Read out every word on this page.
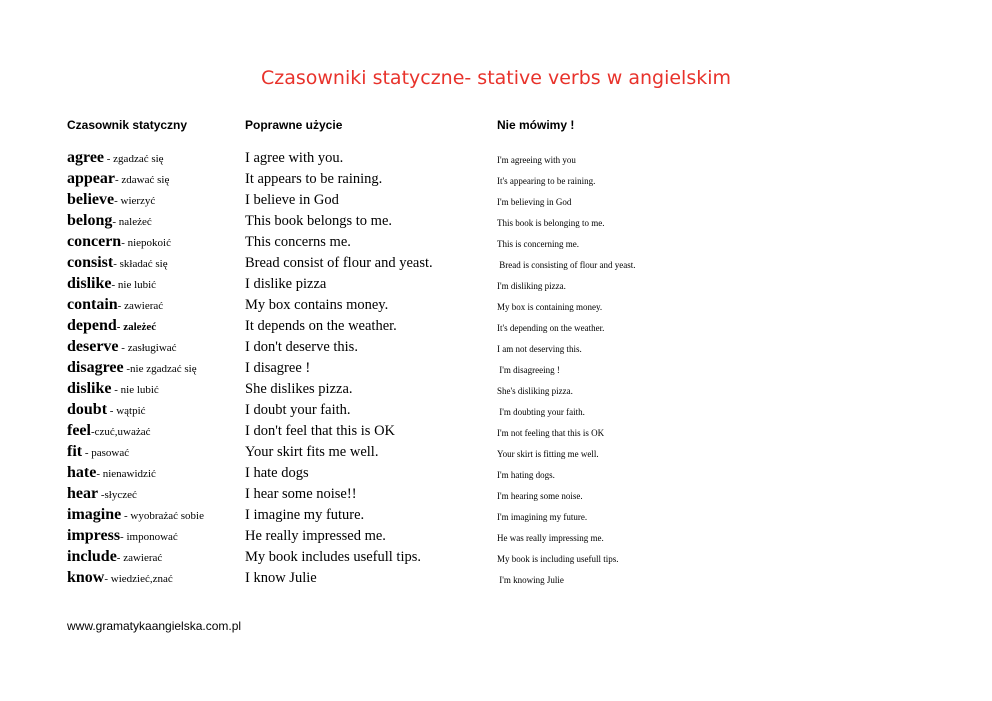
Czasowniki statyczne- stative verbs w angielskim
Czasownik statyczny	Poprawne użycie	Nie mówimy !
agree - zgadzać się	I agree with you.	I'm agreeing with you
appear- zdawać się	It appears to be raining.	It's appearing to be raining.
believe- wierzyć	I believe in God	I'm believing in God
belong- należeć	This book belongs to me.	This book is belonging to me.
concern- niepokoić	This concerns me.	This is concerning me.
consist- składać się	Bread consist of flour and yeast.	Bread is consisting of flour and yeast.
dislike- nie lubić	I dislike pizza	I'm disliking pizza.
contain- zawierać	My box contains money.	My box is containing money.
depend- zależeć	It depends on the weather.	It's depending on the weather.
deserve - zasługiwać	I don't deserve this.	I am not deserving this.
disagree -nie zgadzać się	I disagree !	I'm disagreeing !
dislike - nie lubić	She dislikes pizza.	She's disliking pizza.
doubt - wątpić	I doubt your faith.	I'm doubting your faith.
feel-czuć,uważać	I don't feel that this is OK	I'm not feeling that this is OK
fit - pasować	Your skirt fits me well.	Your skirt is fitting me well.
hate- nienawidzić	I hate dogs	I'm hating dogs.
hear -słyczeć	I hear some noise!!	I'm hearing some noise.
imagine - wyobrażać sobie	I imagine my future.	I'm imagining my future.
impress- imponować	He really impressed me.	He was really impressing me.
include- zawierać	My book includes usefull tips.	My book is including usefull tips.
know- wiedzieć,znać	I know Julie	I'm knowing Julie
www.gramatykaangielska.com.pl
